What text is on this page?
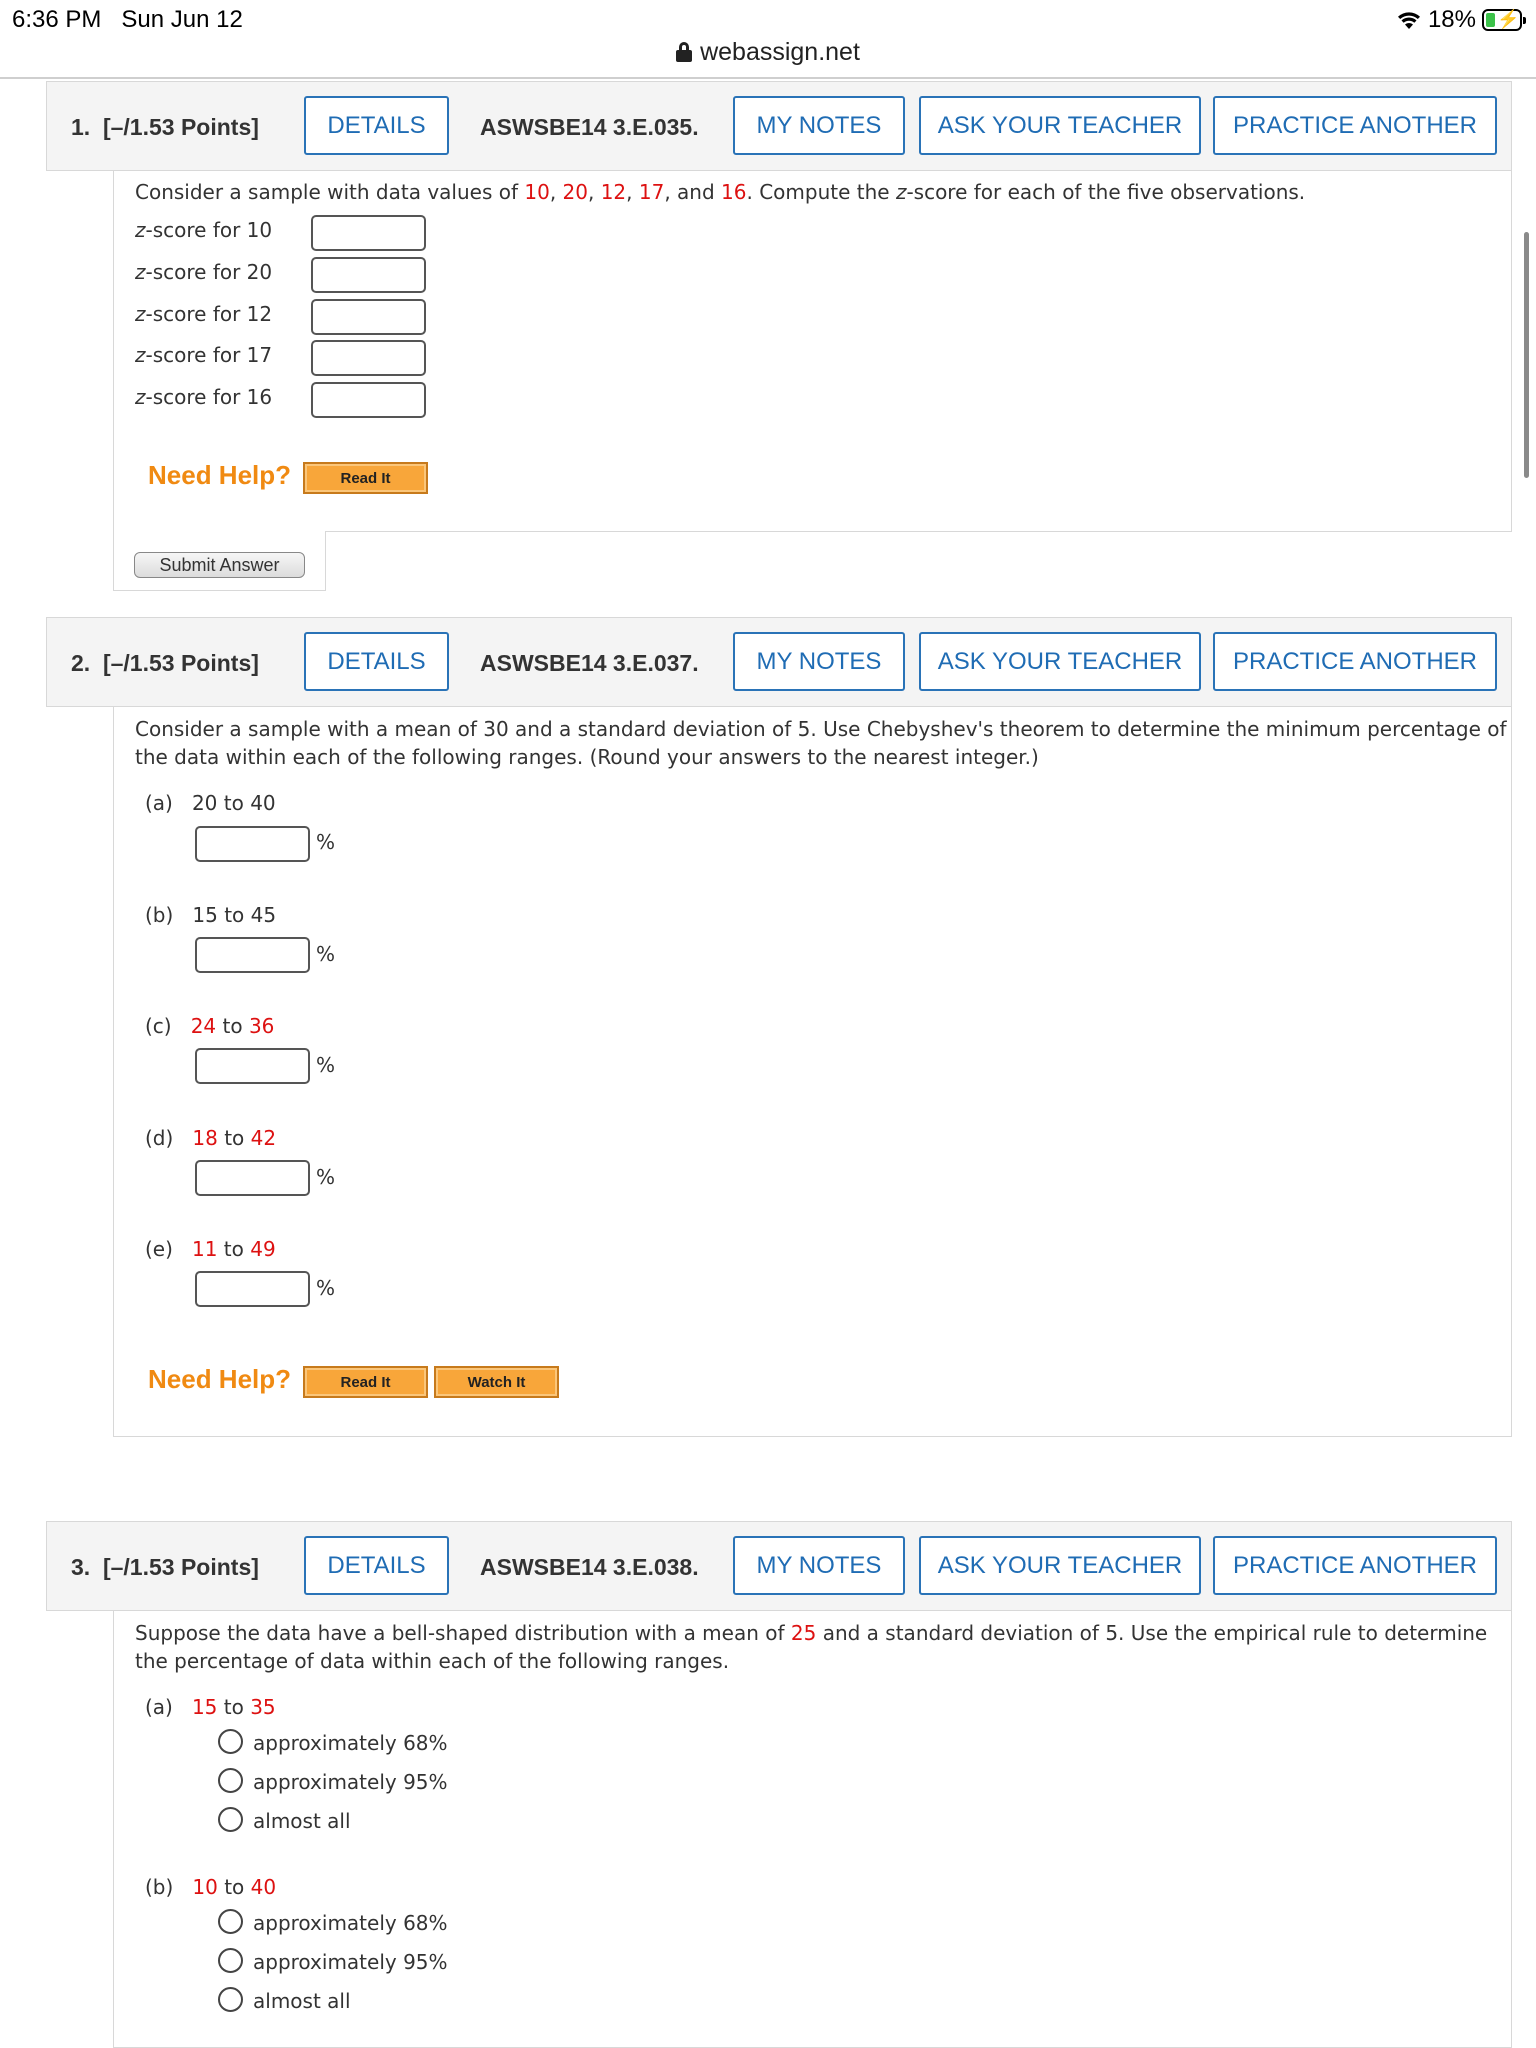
6:36 PM Sun Jun 12	18% ⚡
webassign.net
1. [–/1.53 Points]	DETAILS	ASWSBE14 3.E.035.	MY NOTES	ASK YOUR TEACHER	PRACTICE ANOTHER
Consider a sample with data values of 10, 20, 12, 17, and 16. Compute the z-score for each of the five observations.
z-score for 10
z-score for 20
z-score for 12
z-score for 17
z-score for 16
Need Help?	Read It
Submit Answer
2. [–/1.53 Points]	DETAILS	ASWSBE14 3.E.037.	MY NOTES	ASK YOUR TEACHER	PRACTICE ANOTHER
Consider a sample with a mean of 30 and a standard deviation of 5. Use Chebyshev's theorem to determine the minimum percentage of
the data within each of the following ranges. (Round your answers to the nearest integer.)
(a) 20 to 40
%
(b) 15 to 45
%
(c) 24 to 36
%
(d) 18 to 42
%
(e) 11 to 49
%
Need Help?	Read It	Watch It
3. [–/1.53 Points]	DETAILS	ASWSBE14 3.E.038.	MY NOTES	ASK YOUR TEACHER	PRACTICE ANOTHER
Suppose the data have a bell-shaped distribution with a mean of 25 and a standard deviation of 5. Use the empirical rule to determine
the percentage of data within each of the following ranges.
(a) 15 to 35
approximately 68%
approximately 95%
almost all
(b) 10 to 40
approximately 68%
approximately 95%
almost all
